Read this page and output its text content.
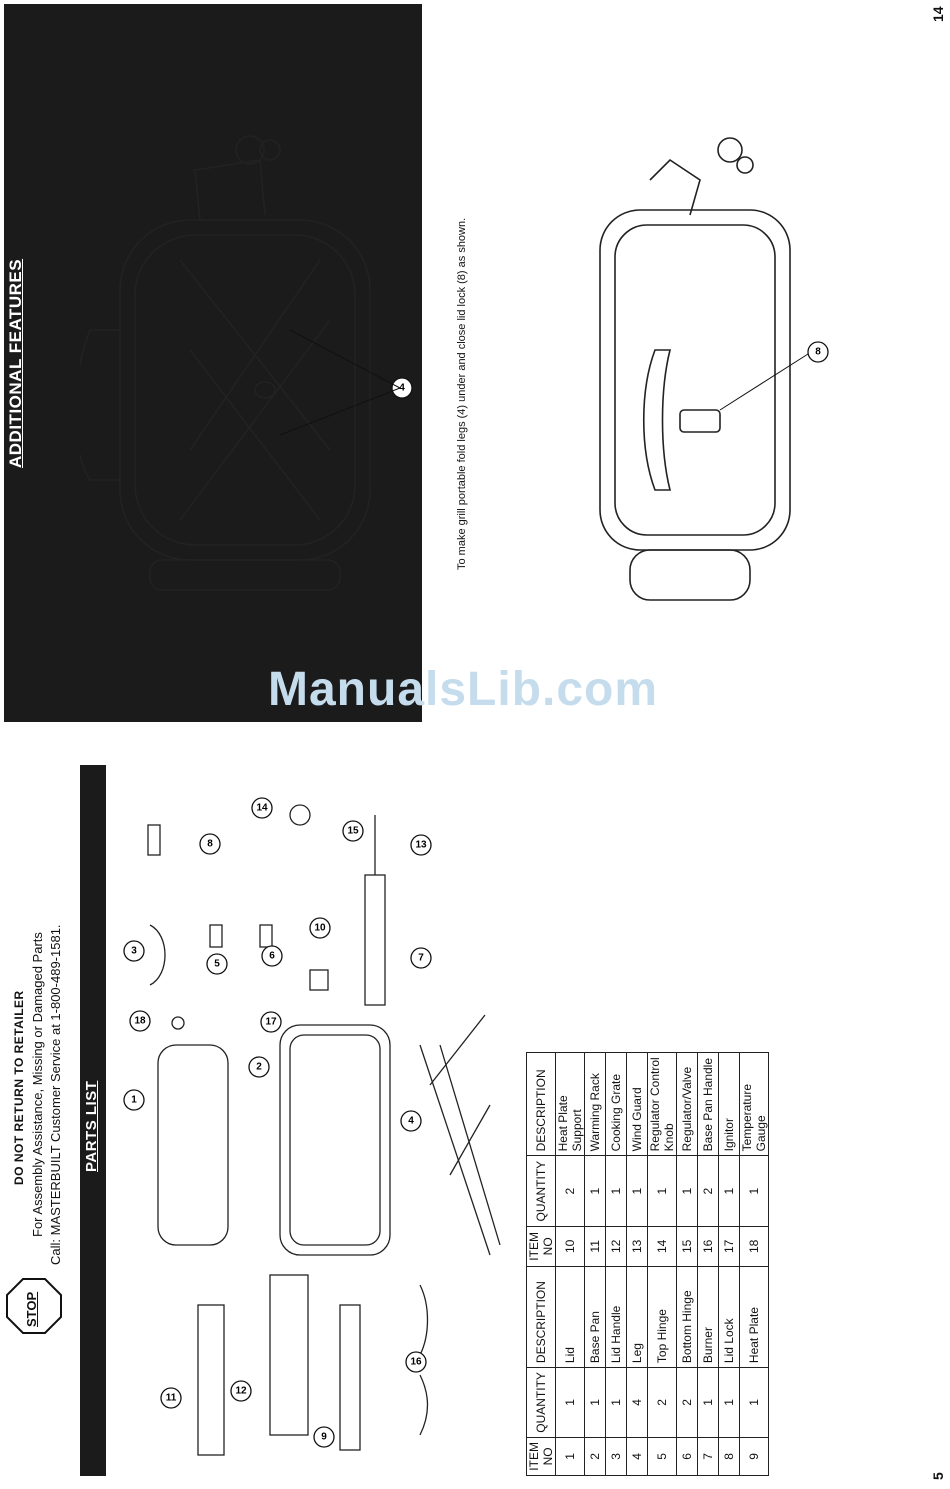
5
14
ADDITIONAL FEATURES	To make grill portable fold legs (4) under and close lid lock (8) as shown.
4
8
ManualsLib.com
STOP
DO NOT RETURN TO RETAILER For Assembly Assistance, Missing or Damaged Parts Call: MASTERBUILT Customer Service at 1-800-489-1581. PARTS LIST	1
2
3
4
5
6	7
8
9
10
11
12
13
14
15
16
17
18
ITEM NO	QUANTITY	DESCRIPTION	ITEM NO	QUANTITY	DESCRIPTION
1	1	Lid	10	2	Heat Plate Support
2	1	Base Pan	11	1	Warming Rack
3	1	Lid Handle	12	1	Cooking Grate
4	4	Leg	13	1	Wind Guard
5	2	Top Hinge	14	1	Regulator Control Knob
6	2	Bottom Hinge	15	1	Regulator/Valve
7	1	Burner	16	2	Base Pan Handle
8	1	Lid Lock	17	1	Ignitor
9	1	Heat Plate	18	1	Temperature Gauge
